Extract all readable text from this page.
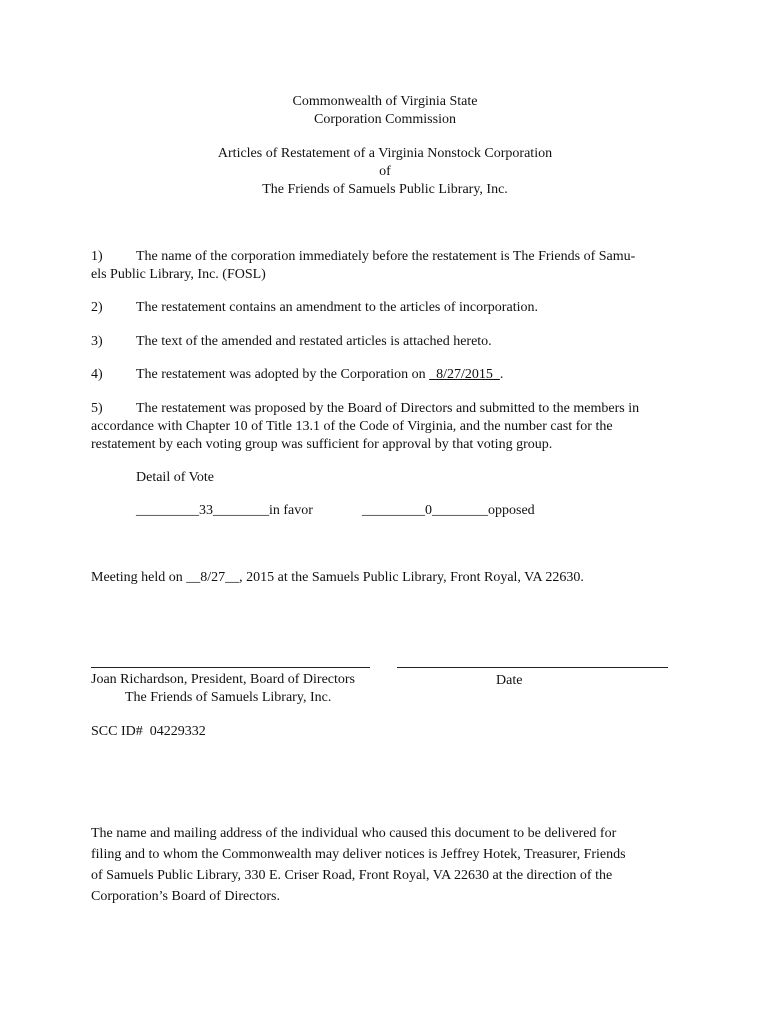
Commonwealth of Virginia State
Corporation Commission
Articles of Restatement of a Virginia Nonstock Corporation
of
The Friends of Samuels Public Library, Inc.
1) The name of the corporation immediately before the restatement is The Friends of Samu-
els Public Library, Inc. (FOSL)
2) The restatement contains an amendment to the articles of incorporation.
3) The text of the amended and restated articles is attached hereto.
4) The restatement was adopted by the Corporation on   8/27/2015  .
5) The restatement was proposed by the Board of Directors and submitted to the members in
accordance with Chapter 10 of Title 13.1 of the Code of Virginia, and the number cast for the
restatement by each voting group was sufficient for approval by that voting group.
Detail of Vote
_________33________in favor	_________0________opposed
Meeting held on __8/27__, 2015 at the Samuels Public Library, Front Royal, VA 22630.
Joan Richardson, President, Board of Directors
The Friends of Samuels Library, Inc.
Date
SCC ID#  04229332
The name and mailing address of the individual who caused this document to be delivered for
filing and to whom the Commonwealth may deliver notices is Jeffrey Hotek, Treasurer, Friends
of Samuels Public Library, 330 E. Criser Road, Front Royal, VA 22630 at the direction of the
Corporation’s Board of Directors.
